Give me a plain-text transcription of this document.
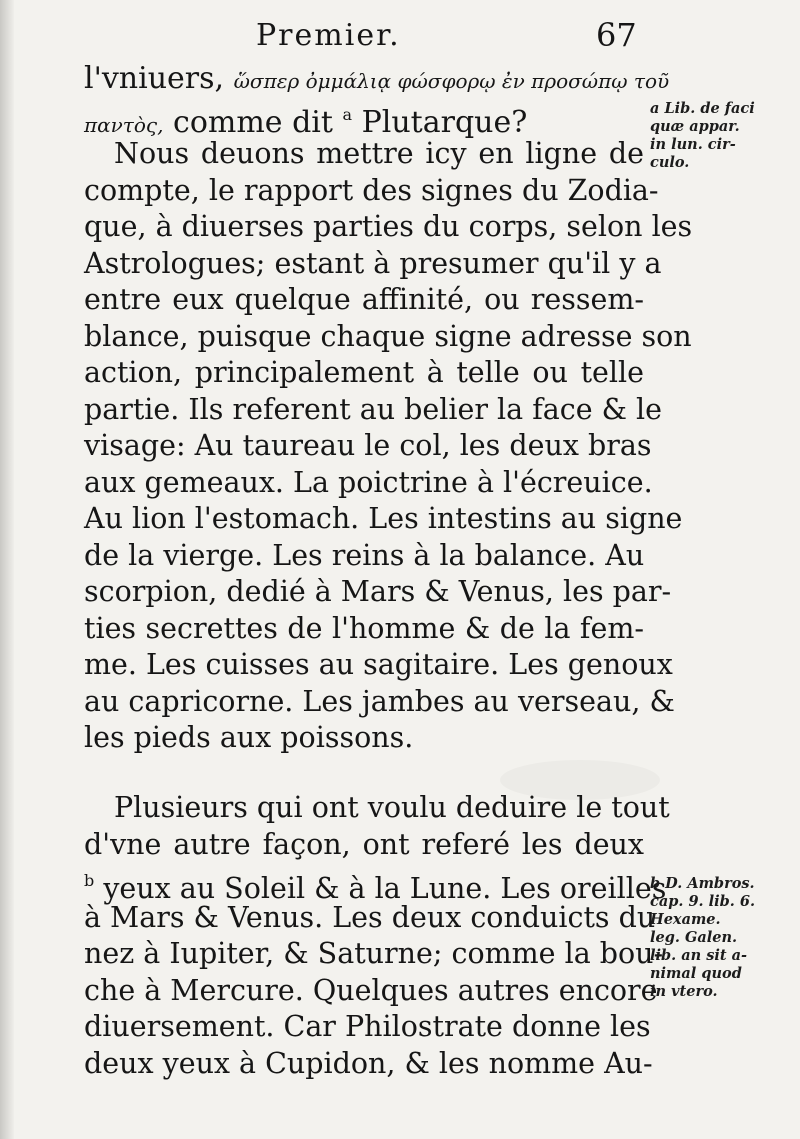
Premier.	67
l'vniuers, ὥσπερ ὀμμάλιᾳ φώσφορῳ ἐν προσώπῳ τοῦ
παντὸς, comme dit $^a$ Plutarque?
Nous deuons mettre icy en ligne de
compte, le rapport des signes du Zodia-
que, à diuerses parties du corps, selon les
Astrologues; estant à presumer qu'il y a
entre eux quelque affinité, ou ressem-
blance, puisque chaque signe adresse son
action, principalement à telle ou telle
partie. Ils referent au belier la face & le
visage: Au taureau le col, les deux bras
aux gemeaux. La poictrine à l'écreuice.
Au lion l'estomach. Les intestins au signe
de la vierge. Les reins à la balance. Au
scorpion, dedié à Mars & Venus, les par-
ties secrettes de l'homme & de la fem-
me. Les cuisses au sagitaire. Les genoux
au capricorne. Les jambes au verseau, &
les pieds aux poissons.
Plusieurs qui ont voulu deduire le tout
d'vne autre façon, ont referé les deux
$^b$ yeux au Soleil & à la Lune. Les oreilles
à Mars & Venus. Les deux conduicts du
nez à Iupiter, & Saturne; comme la bou-
che à Mercure. Quelques autres encore
diuersement. Car Philostrate donne les
deux yeux à Cupidon, & les nomme Au-
a Lib. de faci
quæ appar.
in lun. cir-
culo.
b D. Ambros.
cap. 9. lib. 6.
Hexame.
leg. Galen.
lib. an sit a-
nimal quod
in vtero.
